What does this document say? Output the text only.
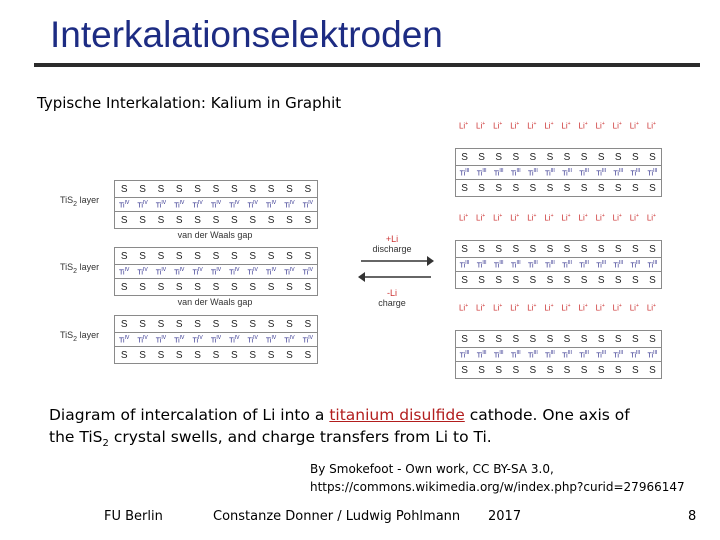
Interkalationselektroden
Typische Interkalation: Kalium in Graphit
+Li
discharge
-Li
charge
Diagram of intercalation of Li into a titanium disulfide cathode. One axis of
the TiS$_2$ crystal swells, and charge transfers from Li to Ti.
By Smokefoot - Own work, CC BY-SA 3.0,
https://commons.wikimedia.org/w/index.php?curid=27966147
FU Berlin	Constanze Donner / Ludwig Pohlmann 2017	8
S S S S S S S S S S S
$Ti^{IV}$ $Ti^{IV}$ $Ti^{IV}$ $Ti^{IV}$ $Ti^{IV}$ $Ti^{IV}$ $Ti^{IV}$ $Ti^{IV}$ $Ti^{IV}$ $Ti^{IV}$ $Ti^{IV}$
S S S S S S S S S S S
TiS$_2$ layer
van der Waals gap
S S S S S S S S S S S
$Ti^{IV}$ $Ti^{IV}$ $Ti^{IV}$ $Ti^{IV}$ $Ti^{IV}$ $Ti^{IV}$ $Ti^{IV}$ $Ti^{IV}$ $Ti^{IV}$ $Ti^{IV}$ $Ti^{IV}$
S S S S S S S S S S S
TiS$_2$ layer
van der Waals gap
S S S S S S S S S S S
$Ti^{IV}$ $Ti^{IV}$ $Ti^{IV}$ $Ti^{IV}$ $Ti^{IV}$ $Ti^{IV}$ $Ti^{IV}$ $Ti^{IV}$ $Ti^{IV}$ $Ti^{IV}$ $Ti^{IV}$
S S S S S S S S S S S
TiS$_2$ layer
Li+ Li+ Li+ Li+ Li+ Li+ Li+ Li+ Li+ Li+ Li+ Li+
S S S S S S S S S S S S
$Ti^{III}$ $Ti^{III}$ $Ti^{III}$ $Ti^{III}$ $Ti^{III}$ $Ti^{III}$ $Ti^{III}$ $Ti^{III}$ $Ti^{III}$ $Ti^{III}$ $Ti^{III}$ $Ti^{III}$
S S S S S S S S S S S S
Li+ Li+ Li+ Li+ Li+ Li+ Li+ Li+ Li+ Li+ Li+ Li+
S S S S S S S S S S S S
$Ti^{III}$ $Ti^{III}$ $Ti^{III}$ $Ti^{III}$ $Ti^{III}$ $Ti^{III}$ $Ti^{III}$ $Ti^{III}$ $Ti^{III}$ $Ti^{III}$ $Ti^{III}$ $Ti^{III}$
S S S S S S S S S S S S
Li+ Li+ Li+ Li+ Li+ Li+ Li+ Li+ Li+ Li+ Li+ Li+
S S S S S S S S S S S S
$Ti^{III}$ $Ti^{III}$ $Ti^{III}$ $Ti^{III}$ $Ti^{III}$ $Ti^{III}$ $Ti^{III}$ $Ti^{III}$ $Ti^{III}$ $Ti^{III}$ $Ti^{III}$ $Ti^{III}$
S S S S S S S S S S S S
